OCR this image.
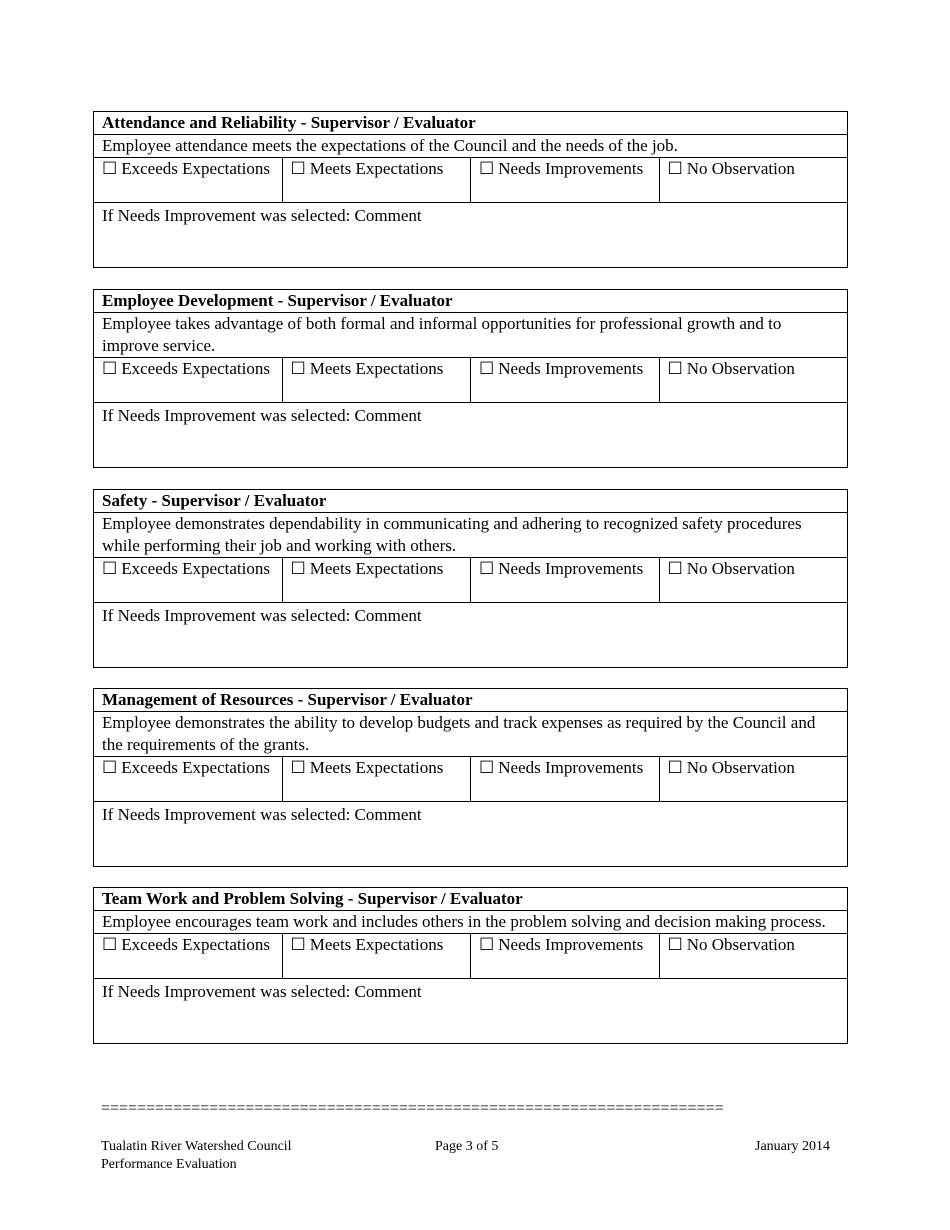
Attendance and Reliability - Supervisor / Evaluator
Employee attendance meets the expectations of the Council and the needs of the job.
☐ Exceeds Expectations	☐ Meets Expectations	☐ Needs Improvements	☐ No Observation
If Needs Improvement was selected: Comment
Employee Development - Supervisor / Evaluator
Employee takes advantage of both formal and informal opportunities for professional growth and to improve service.
☐ Exceeds Expectations	☐ Meets Expectations	☐ Needs Improvements	☐ No Observation
If Needs Improvement was selected: Comment
Safety - Supervisor / Evaluator
Employee demonstrates dependability in communicating and adhering to recognized safety procedures while performing their job and working with others.
☐ Exceeds Expectations	☐ Meets Expectations	☐ Needs Improvements	☐ No Observation
If Needs Improvement was selected: Comment
Management of Resources - Supervisor / Evaluator
Employee demonstrates the ability to develop budgets and track expenses as required by the Council and the requirements of the grants.
☐ Exceeds Expectations	☐ Meets Expectations	☐ Needs Improvements	☐ No Observation
If Needs Improvement was selected: Comment
Team Work and Problem Solving - Supervisor / Evaluator
Employee encourages team work and includes others in the problem solving and decision making process.
☐ Exceeds Expectations	☐ Meets Expectations	☐ Needs Improvements	☐ No Observation
If Needs Improvement was selected: Comment
=====================================================================
Tualatin River Watershed Council
Performance Evaluation
Page 3 of 5	January 2014
